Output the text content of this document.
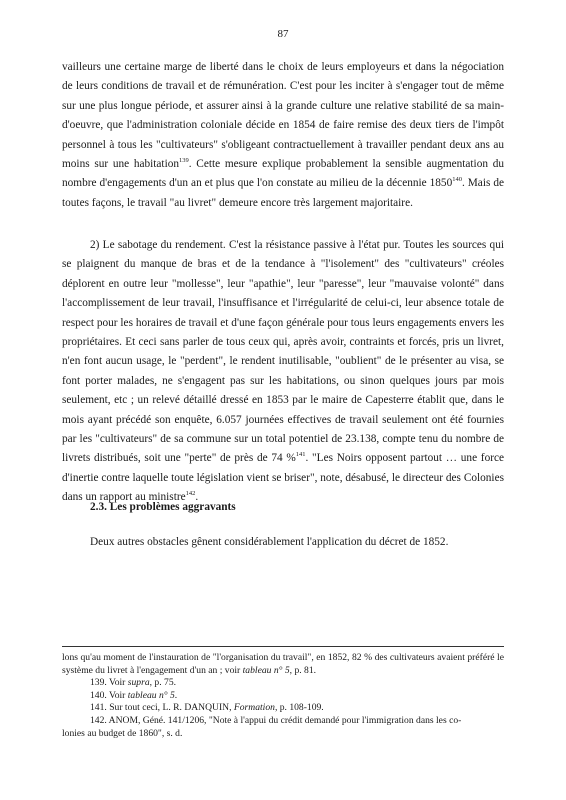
87

vailleurs une certaine marge de liberté dans le choix de leurs employeurs et dans la négociation de leurs conditions de travail et de rémunération. C'est pour les inciter à s'engager tout de même sur une plus longue période, et assurer ainsi à la grande culture une relative stabilité de sa main-d'oeuvre, que l'administration coloniale décide en 1854 de faire remise des deux tiers de l'impôt personnel à tous les "cultivateurs" s'obligeant contractuellement à travailler pendant deux ans au moins sur une habitation$^{139}$. Cette mesure explique probablement la sensible augmentation du nombre d'engagements d'un an et plus que l'on constate au milieu de la décennie 1850$^{140}$. Mais de toutes façons, le travail "au livret" demeure encore très largement majoritaire.

2) Le sabotage du rendement. C'est la résistance passive à l'état pur. Toutes les sources qui se plaignent du manque de bras et de la tendance à "l'isolement" des "cultivateurs" créoles déplorent en outre leur "mollesse", leur "apathie", leur "paresse", leur "mauvaise volonté" dans l'accomplissement de leur travail, l'insuffisance et l'irrégularité de celui-ci, leur absence totale de respect pour les horaires de travail et d'une façon générale pour tous leurs engagements envers les propriétaires. Et ceci sans parler de tous ceux qui, après avoir, contraints et forcés, pris un livret, n'en font aucun usage, le "perdent", le rendent inutilisable, "oublient" de le présenter au visa, se font porter malades, ne s'engagent pas sur les habitations, ou sinon quelques jours par mois seulement, etc ; un relevé détaillé dressé en 1853 par le maire de Capesterre établit que, dans le mois ayant précédé son enquête, 6.057 journées effectives de travail seulement ont été fournies par les "cultivateurs" de sa commune sur un total potentiel de 23.138, compte tenu du nombre de livrets distribués, soit une "perte" de près de 74 %$^{141}$. "Les Noirs opposent partout … une force d'inertie contre laquelle toute législation vient se briser", note, désabusé, le directeur des Colonies dans un rapport au ministre$^{142}$.

2.3. Les problèmes aggravants
Deux autres obstacles gênent considérablement l'application du décret de 1852.

lons qu'au moment de l'instauration de "l'organisation du travail", en 1852, 82 % des cultivateurs avaient préféré le système du livret à l'engagement d'un an ; voir tableau n° 5, p. 81.

139. Voir supra, p. 75.

140. Voir tableau n° 5.

141. Sur tout ceci, L. R. DANQUIN, Formation, p. 108-109.

142. ANOM, Géné. 141/1206, "Note à l'appui du crédit demandé pour l'immigration dans les co-

lonies au budget de 1860", s. d.
